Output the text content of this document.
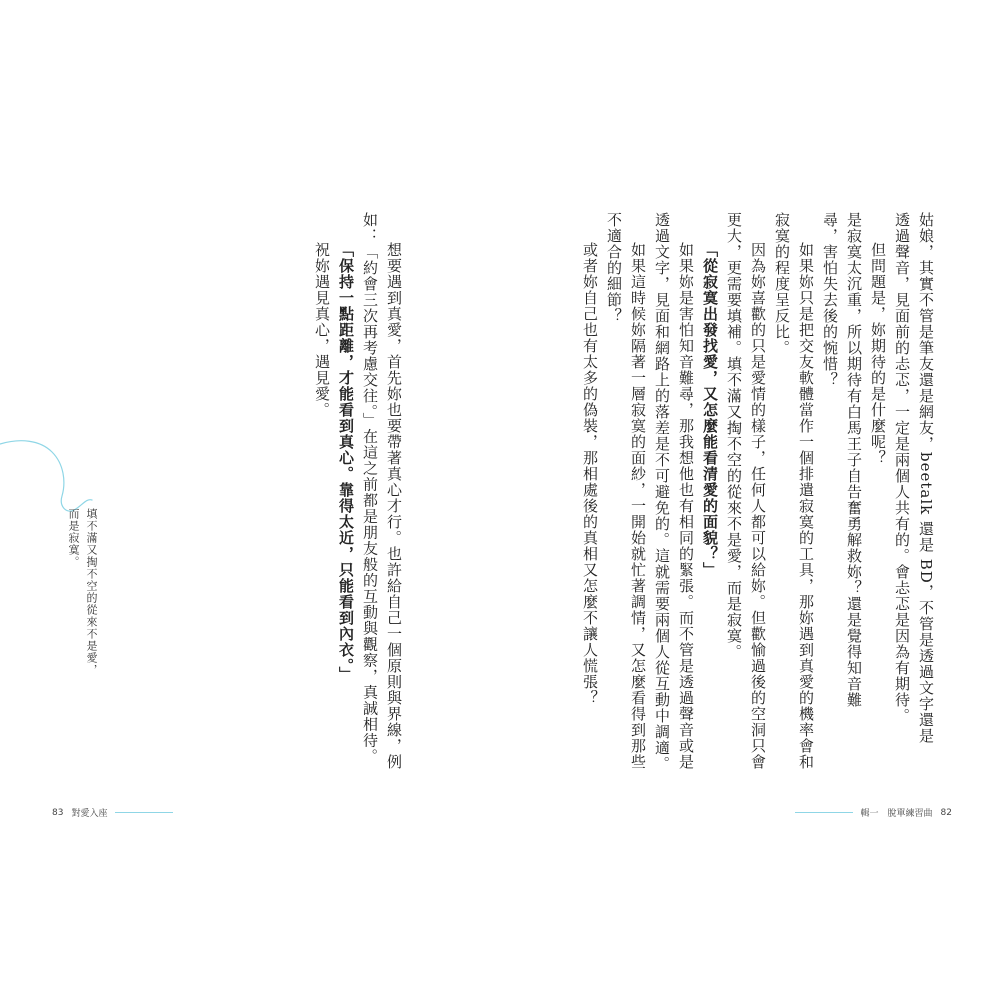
姑娘，其實不管是筆友還是網友，beetalk 還是 BD，不管是透過文字還是
透過聲音，見面前的忐忑，一定是兩個人共有的。會忐忑是因為有期待。
但問題是，妳期待的是什麼呢？
是寂寞太沉重，所以期待有白馬王子自告奮勇解救妳？還是覺得知音難
尋，害怕失去後的惋惜？
如果妳只是把交友軟體當作一個排遣寂寞的工具，那妳遇到真愛的機率會和
寂寞的程度呈反比。
因為妳喜歡的只是愛情的樣子，任何人都可以給妳。但歡愉過後的空洞只會
更大，更需要填補。填不滿又掏不空的從來不是愛，而是寂寞。
「從寂寞出發找愛，又怎麼能看清愛的面貌？」
如果妳是害怕知音難尋，那我想他也有相同的緊張。而不管是透過聲音或是
透過文字，見面和網路上的落差是不可避免的。這就需要兩個人從互動中調適。
如果這時候妳隔著一層寂寞的面紗，一開始就忙著調情，又怎麼看得到那些
不適合的細節？
或者妳自己也有太多的偽裝，那相處後的真相又怎麼不讓人慌張？
想要遇到真愛，首先妳也要帶著真心才行。也許給自己一個原則與界線，例
如：「約會三次再考慮交往。」在這之前都是朋友般的互動與觀察，真誠相待。
「保持一點距離，才能看到真心。靠得太近，只能看到內衣。」
祝妳遇見真心，遇見愛。
填不滿又掏不空的從來不是愛，
而是寂寞。
83 對愛入座	輯一　脫單練習曲 82
